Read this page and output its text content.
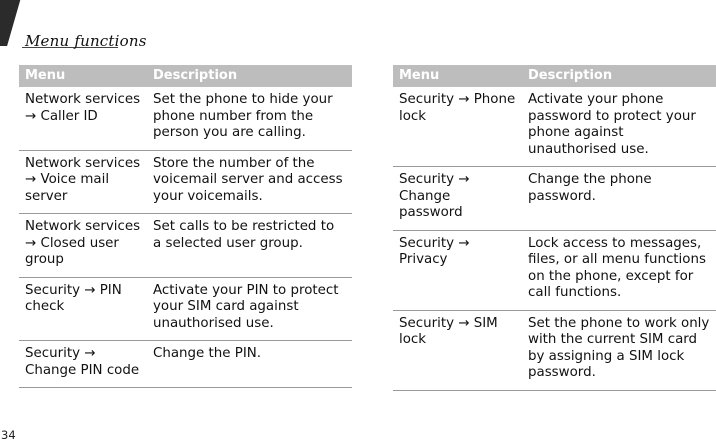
Menu functions
Menu	Description
Network services → Caller ID	Set the phone to hide your phone number from the person you are calling.
Network services → Voice mail server	Store the number of the voicemail server and access your voicemails.
Network services → Closed user group	Set calls to be restricted to a selected user group.
Security → PIN check	Activate your PIN to protect your SIM card against unauthorised use.
Security → Change PIN code	Change the PIN.
Menu	Description
Security → Phone lock	Activate your phone password to protect your phone against unauthorised use.
Security → Change password	Change the phone password.
Security → Privacy	Lock access to messages, files, or all menu functions on the phone, except for call functions.
Security → SIM lock	Set the phone to work only with the current SIM card by assigning a SIM lock password.
34
